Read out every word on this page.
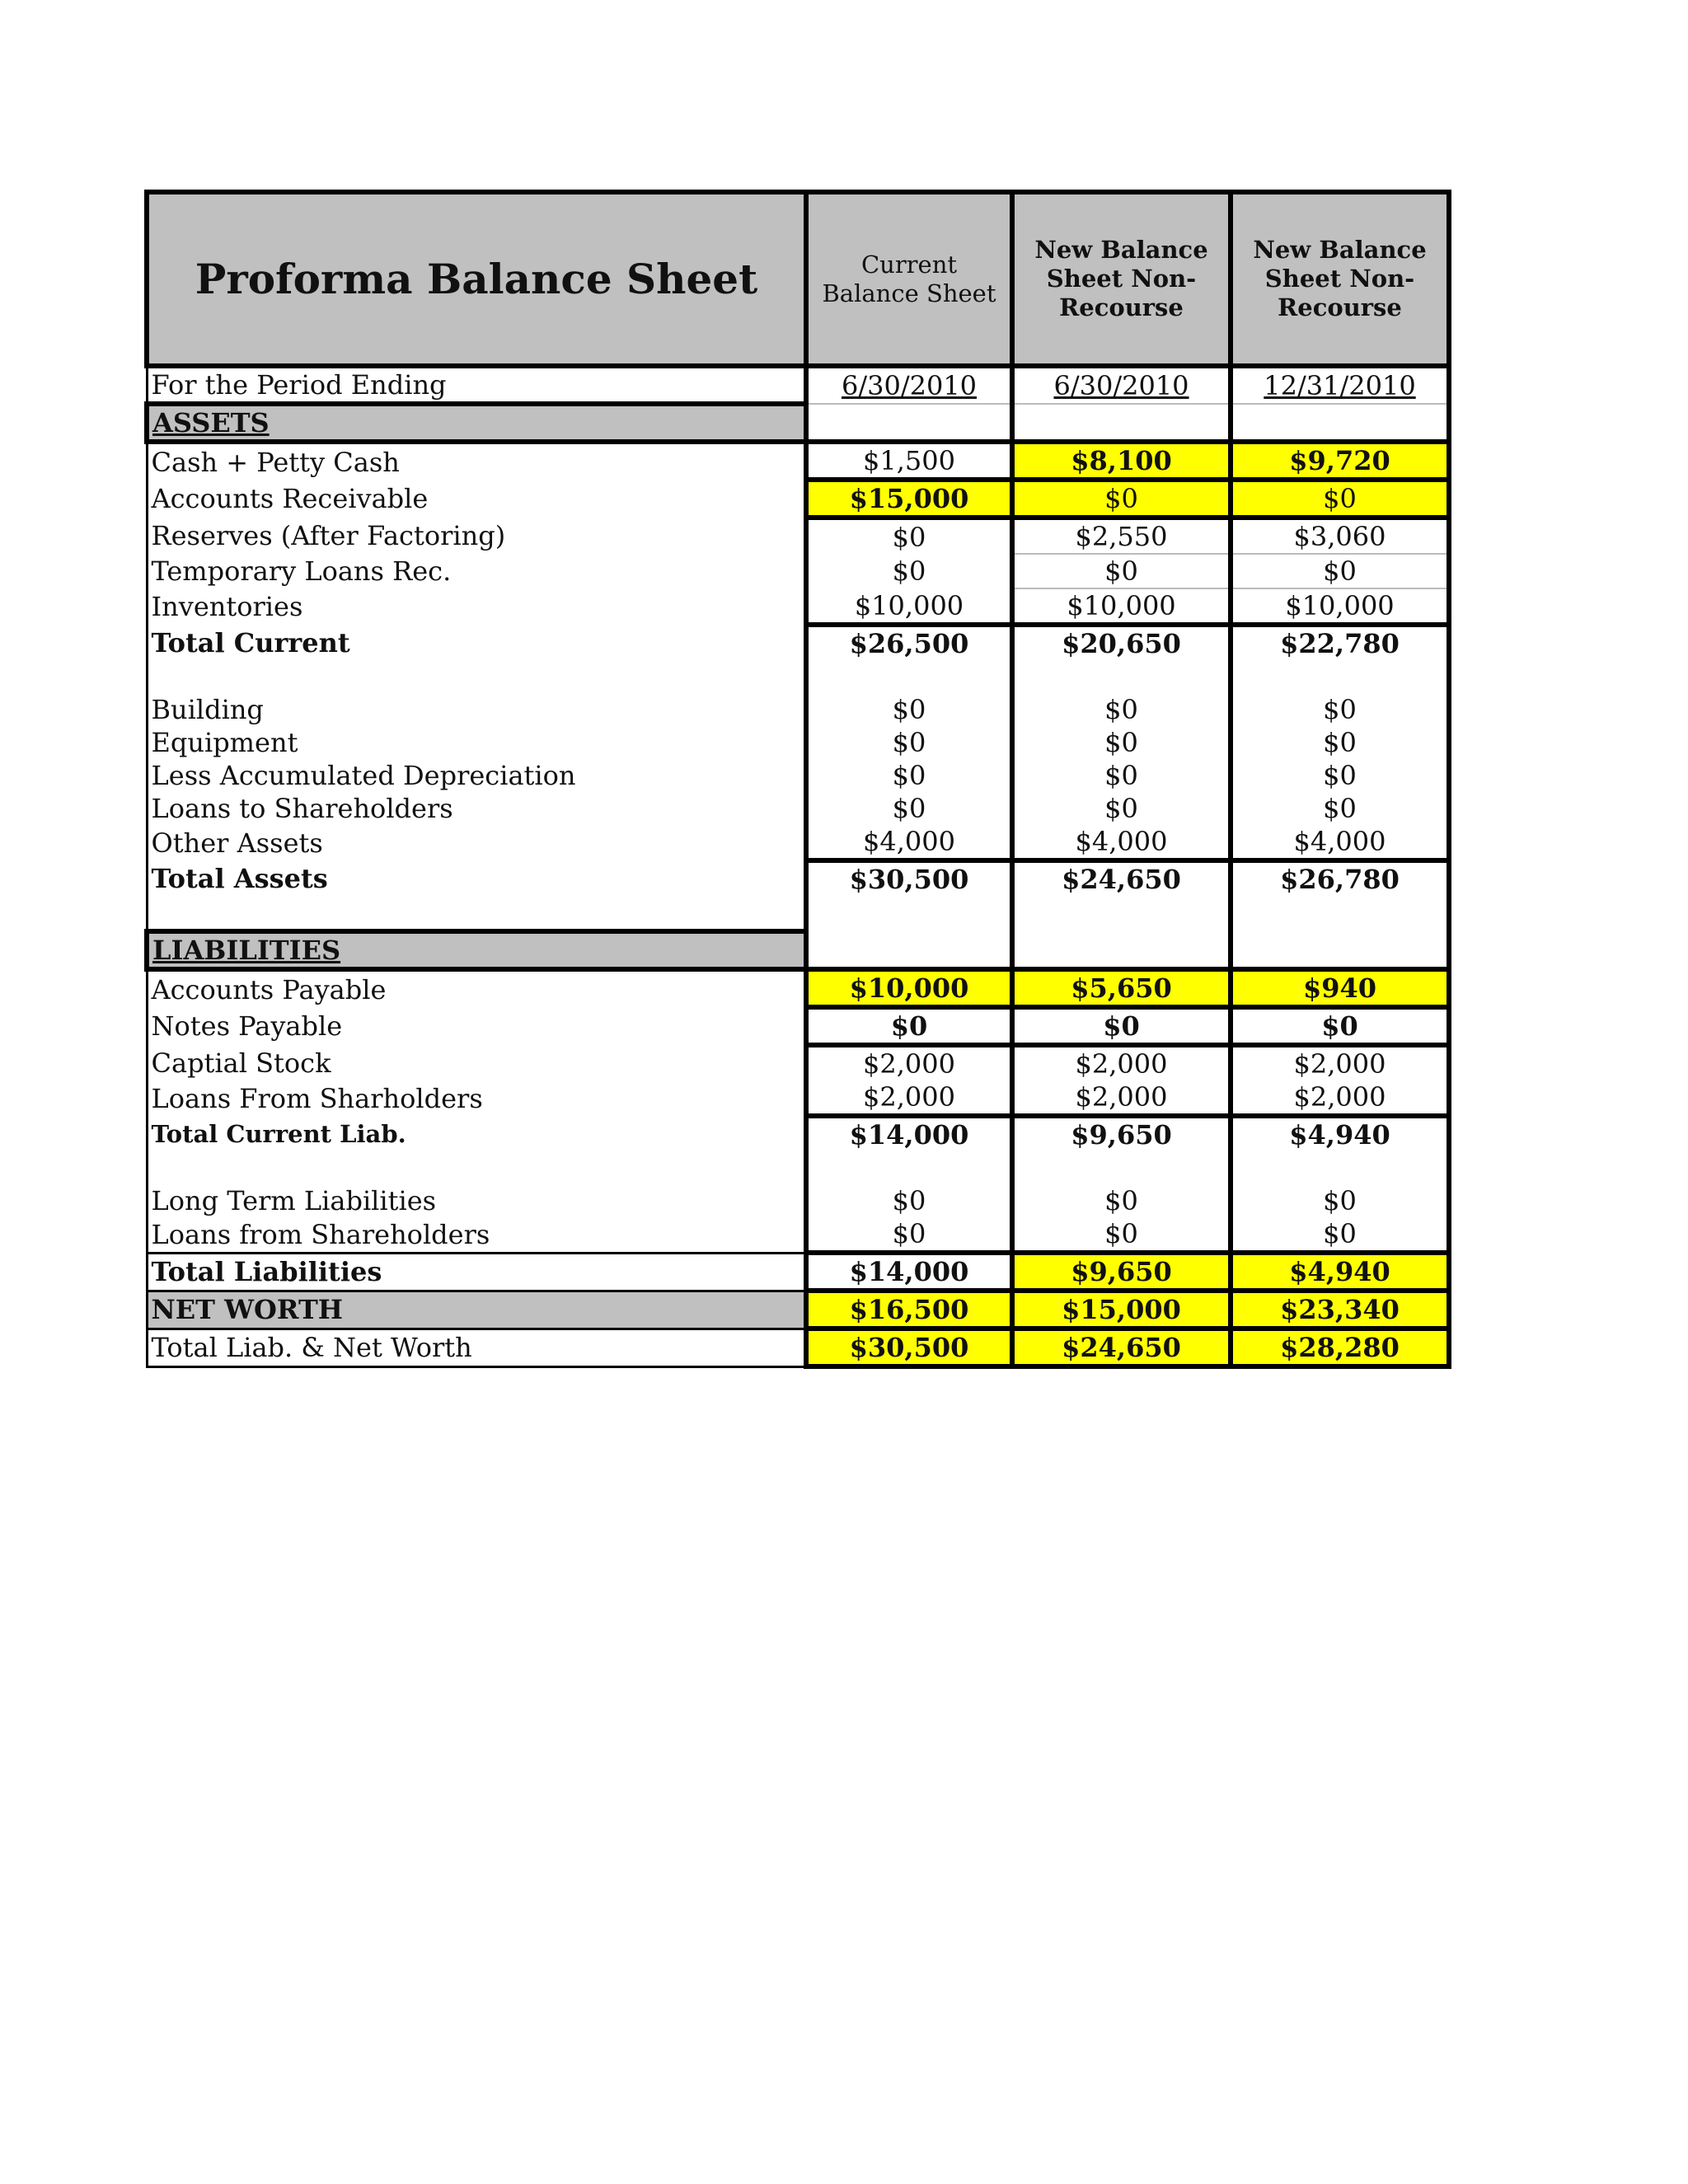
Proforma Balance Sheet	Current Balance Sheet	New Balance Sheet Non-Recourse	New Balance Sheet Non-Recourse
For the Period Ending	6/30/2010	6/30/2010	12/31/2010
ASSETS			
Cash + Petty Cash	$1,500	$8,100	$9,720
Accounts Receivable	$15,000	$0	$0
Reserves (After Factoring)	$0	$2,550	$3,060
Temporary Loans Rec.	$0	$0	$0
Inventories	$10,000	$10,000	$10,000
Total Current	$26,500	$20,650	$22,780

Building	$0	$0	$0
Equipment	$0	$0	$0
Less Accumulated Depreciation	$0	$0	$0
Loans to Shareholders	$0	$0	$0
Other Assets	$4,000	$4,000	$4,000
Total Assets	$30,500	$24,650	$26,780

LIABILITIES			
Accounts Payable	$10,000	$5,650	$940
Notes Payable	$0	$0	$0
Captial Stock	$2,000	$2,000	$2,000
Loans From Sharholders	$2,000	$2,000	$2,000
Total Current Liab.	$14,000	$9,650	$4,940

Long Term Liabilities	$0	$0	$0
Loans from Shareholders	$0	$0	$0
Total Liabilities	$14,000	$9,650	$4,940
NET WORTH	$16,500	$15,000	$23,340
Total Liab. & Net Worth	$30,500	$24,650	$28,280
